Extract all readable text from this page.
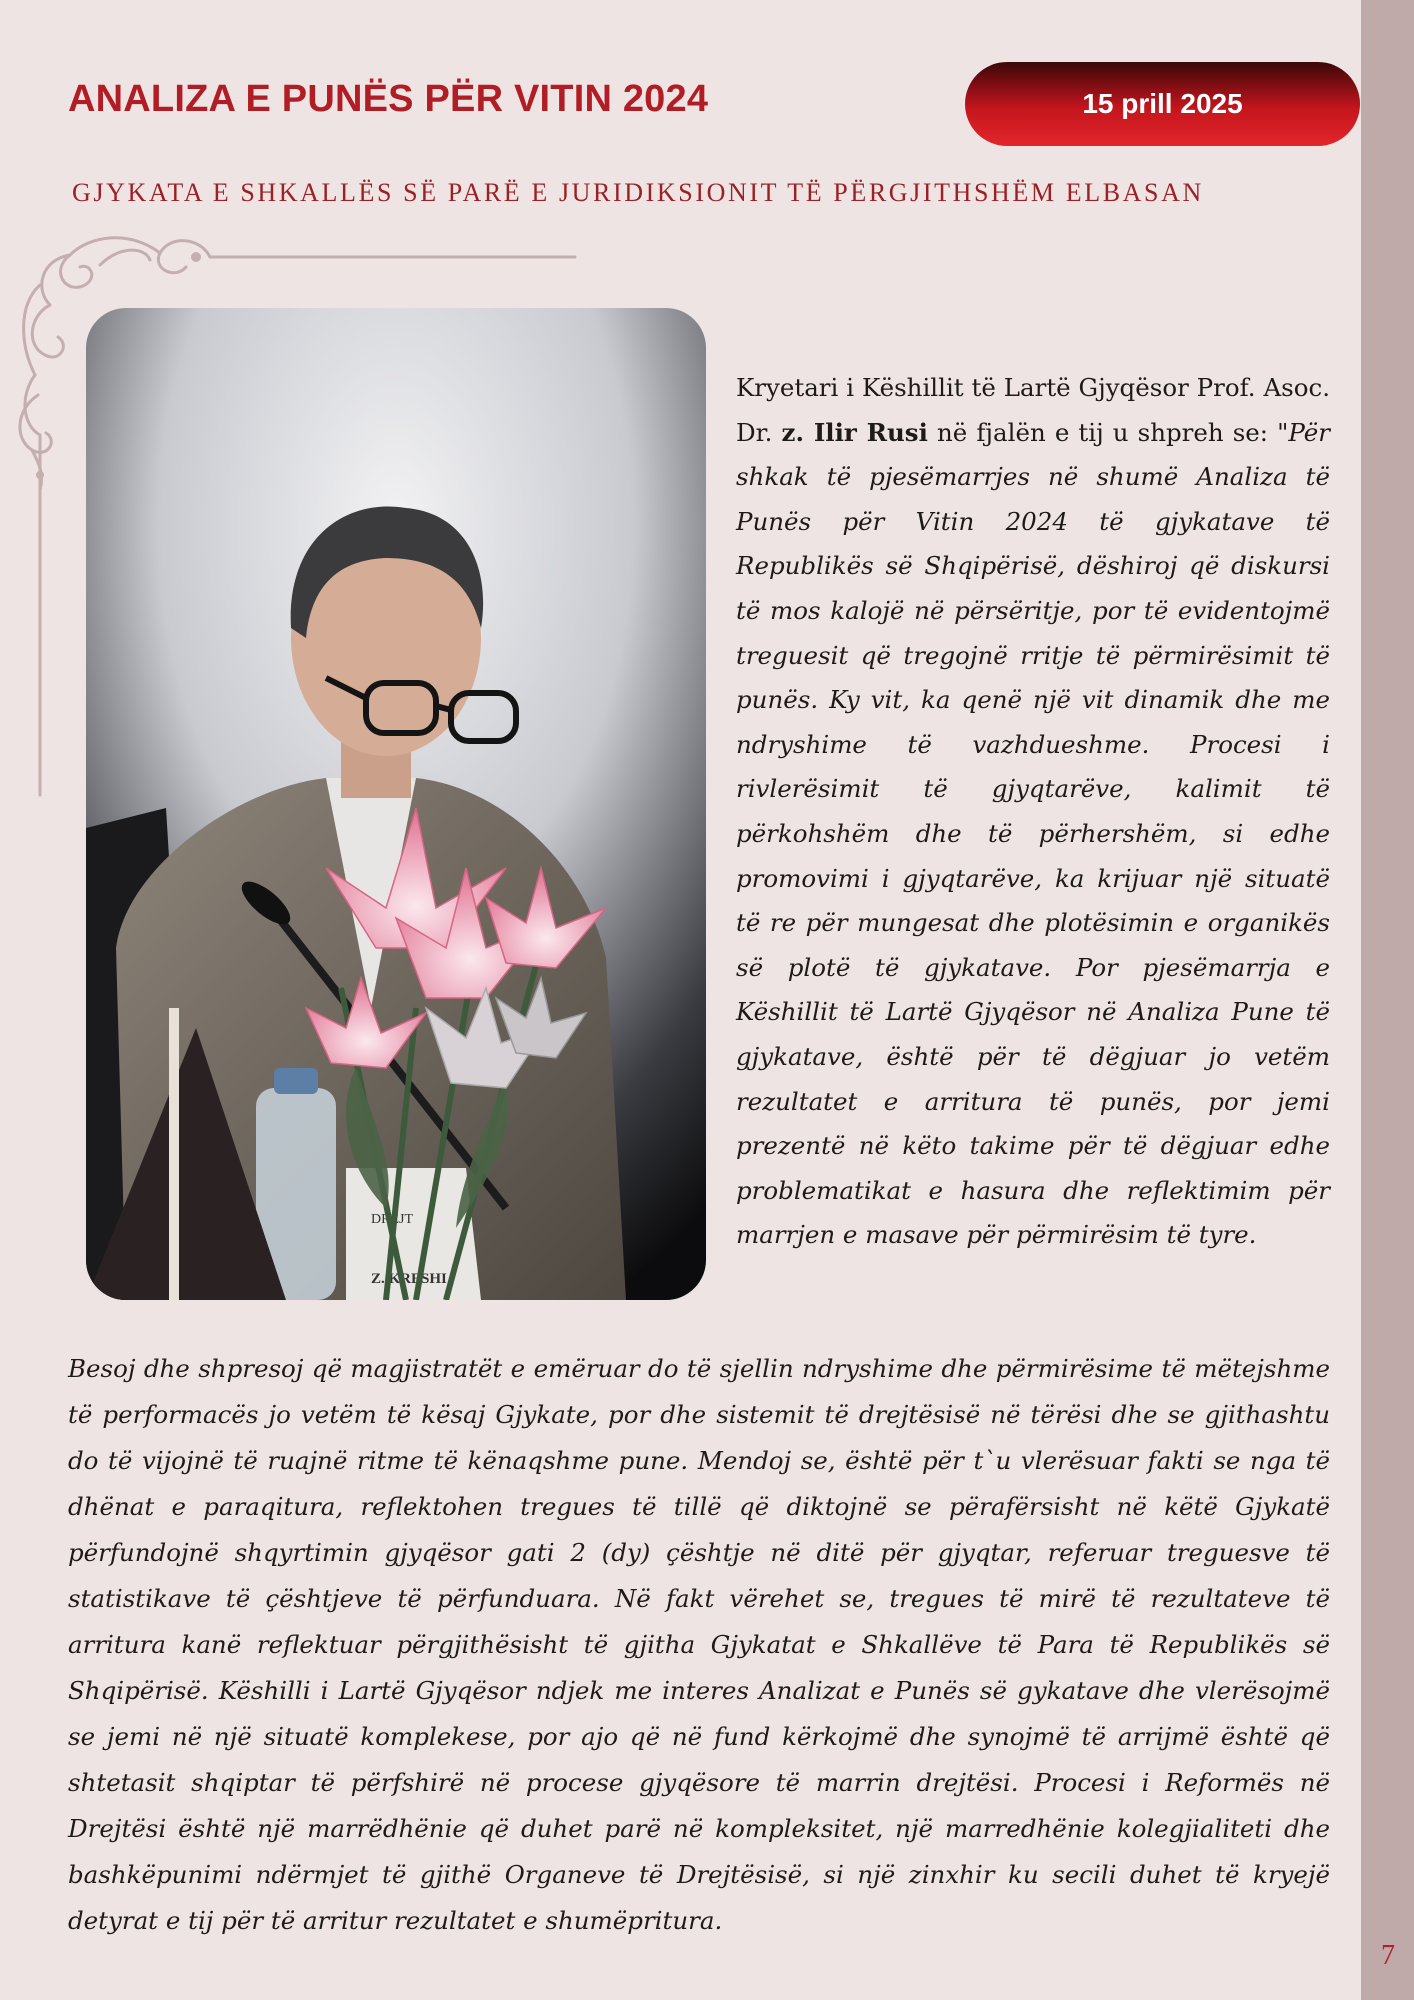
ANALIZA E PUNËS PËR VITIN 2024	15 prill 2025
GJYKATA E SHKALLËS SË PARË E JURIDIKSIONIT TË PËRGJITHSHËM ELBASAN
DREJT
Z. KRESHI

Kryetari i Këshillit të Lartë Gjyqësor Prof. Asoc. Dr. z. Ilir Rusi në fjalën e tij u shpreh se: "Për shkak të pjesëmarrjes në shumë Analiza të Punës për Vitin 2024 të gjykatave të Republikës së Shqipërisë, dëshiroj që diskursi të mos kalojë në përsëritje, por të evidentojmë treguesit që tregojnë rritje të përmirësimit të punës. Ky vit, ka qenë një vit dinamik dhe me ndryshime të vazhdueshme. Procesi i rivlerësimit të gjyqtarëve, kalimit të përkohshëm dhe të përhershëm, si edhe promovimi i gjyqtarëve, ka krijuar një situatë të re për mungesat dhe plotësimin e organikës së plotë të gjykatave. Por pjesëmarrja e Këshillit të Lartë Gjyqësor në Analiza Pune të gjykatave, është për të dëgjuar jo vetëm rezultatet e arritura të punës, por jemi prezentë në këto takime për të dëgjuar edhe problematikat e hasura dhe reflektimim për marrjen e masave për përmirësim të tyre.

Besoj dhe shpresoj që magjistratët e emëruar do të sjellin ndryshime dhe përmirësime të mëtejshme të performacës jo vetëm të kësaj Gjykate, por dhe sistemit të drejtësisë në tërësi dhe se gjithashtu do të vijojnë të ruajnë ritme të kënaqshme pune. Mendoj se, është për t`u vlerësuar fakti se nga të dhënat e paraqitura, reflektohen tregues të tillë që diktojnë se përafërsisht në këtë Gjykatë përfundojnë shqyrtimin gjyqësor gati 2 (dy) çështje në ditë për gjyqtar, referuar treguesve të statistikave të çështjeve të përfunduara. Në fakt vërehet se, tregues të mirë të rezultateve të arritura kanë reflektuar përgjithësisht të gjitha Gjykatat e Shkallëve të Para të Republikës së Shqipërisë. Këshilli i Lartë Gjyqësor ndjek me interes Analizat e Punës së gykatave dhe vlerësojmë se jemi në një situatë komplekese, por ajo që në fund kërkojmë dhe synojmë të arrijmë është që shtetasit shqiptar të përfshirë në procese gjyqësore të marrin drejtësi. Procesi i Reformës në Drejtësi është një marrëdhënie që duhet parë në kompleksitet, një marredhënie kolegjialiteti dhe bashkëpunimi ndërmjet të gjithë Organeve të Drejtësisë, si një zinxhir ku secili duhet të kryejë detyrat e tij për të arritur rezultatet e shumëpritura.

7
